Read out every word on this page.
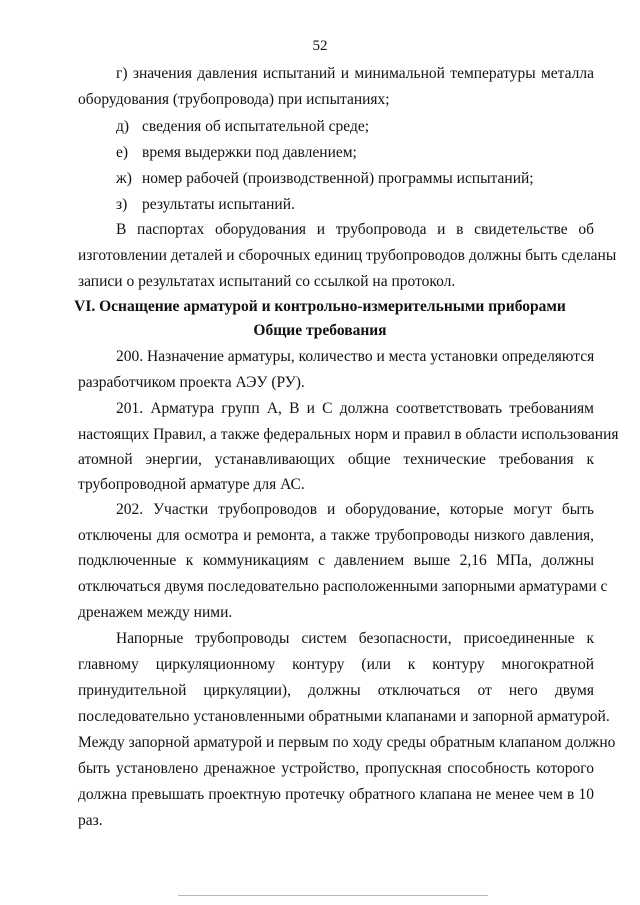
52
г) значения давления испытаний и минимальной температуры металла
оборудования (трубопровода) при испытаниях;
д) сведения об испытательной среде;
е) время выдержки под давлением;
ж) номер рабочей (производственной) программы испытаний;
з) результаты испытаний.
В паспортах оборудования и трубопровода и в свидетельстве об
изготовлении деталей и сборочных единиц трубопроводов должны быть сделаны
записи о результатах испытаний со ссылкой на протокол.
VI. Оснащение арматурой и контрольно-измерительными приборами
Общие требования
200. Назначение арматуры, количество и места установки определяются
разработчиком проекта АЭУ (РУ).
201. Арматура групп А, В и С должна соответствовать требованиям
настоящих Правил, а также федеральных норм и правил в области использования
атомной энергии, устанавливающих общие технические требования к
трубопроводной арматуре для АС.
202. Участки трубопроводов и оборудование, которые могут быть
отключены для осмотра и ремонта, а также трубопроводы низкого давления,
подключенные к коммуникациям с давлением выше 2,16 МПа, должны
отключаться двумя последовательно расположенными запорными арматурами с
дренажем между ними.
Напорные трубопроводы систем безопасности, присоединенные к
главному циркуляционному контуру (или к контуру многократной
принудительной циркуляции), должны отключаться от него двумя
последовательно установленными обратными клапанами и запорной арматурой.
Между запорной арматурой и первым по ходу среды обратным клапаном должно
быть установлено дренажное устройство, пропускная способность которого
должна превышать проектную протечку обратного клапана не менее чем в 10
раз.
